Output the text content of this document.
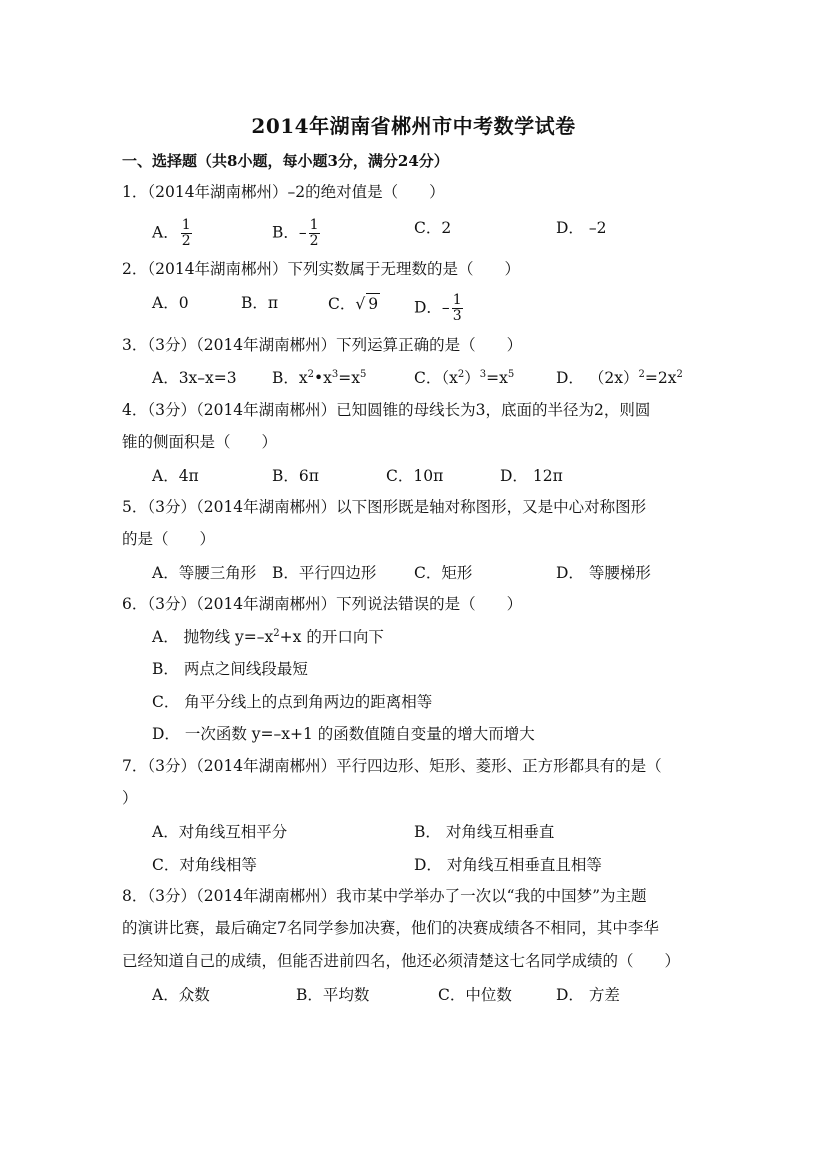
2014年湖南省郴州市中考数学试卷
一、选择题（共8小题，每小题3分，满分24分）
1．（2014年湖南郴州）–2的绝对值是（　　）
A． $\frac{1}{2}$	B．– $\frac{1}{2}$	C．2	D． –2
2．（2014年湖南郴州）下列实数属于无理数的是（　　）
A．0	B．π	C．√ 9 D．– $\frac{1}{3}$
3．（3分）（2014年湖南郴州）下列运算正确的是（　　）
A．3x–x=3 B．$x^2•x^3=x^5$	C．$(x^2)^3=x^5$	D． $(2x)^2=2x^2$
4．（3分）（2014年湖南郴州）已知圆锥的母线长为3，底面的半径为2，则圆
锥的侧面积是（　　）
A．4π	B．6π	C．10π	D． 12π
5．（3分）（2014年湖南郴州）以下图形既是轴对称图形，又是中心对称图形
的是（　　）
A．等腰三角形 B．平行四边形 C．矩形	D． 等腰梯形
6．（3分）（2014年湖南郴州）下列说法错误的是（　　）
A． 抛物线 $y=-x^2+x$ 的开口向下
B． 两点之间线段最短
C． 角平分线上的点到角两边的距离相等
D． 一次函数 y=–x+1 的函数值随自变量的增大而增大
7．（3分）（2014年湖南郴州）平行四边形、矩形、菱形、正方形都具有的是（
）
A．对角线互相平分	B． 对角线互相垂直
C．对角线相等	D． 对角线互相垂直且相等
8．（3分）（2014年湖南郴州）我市某中学举办了一次以“我的中国梦”为主题
的演讲比赛，最后确定7名同学参加决赛，他们的决赛成绩各不相同，其中李华
已经知道自己的成绩，但能否进前四名，他还必须清楚这七名同学成绩的（　　）
A．众数	B．平均数	C．中位数	D． 方差
